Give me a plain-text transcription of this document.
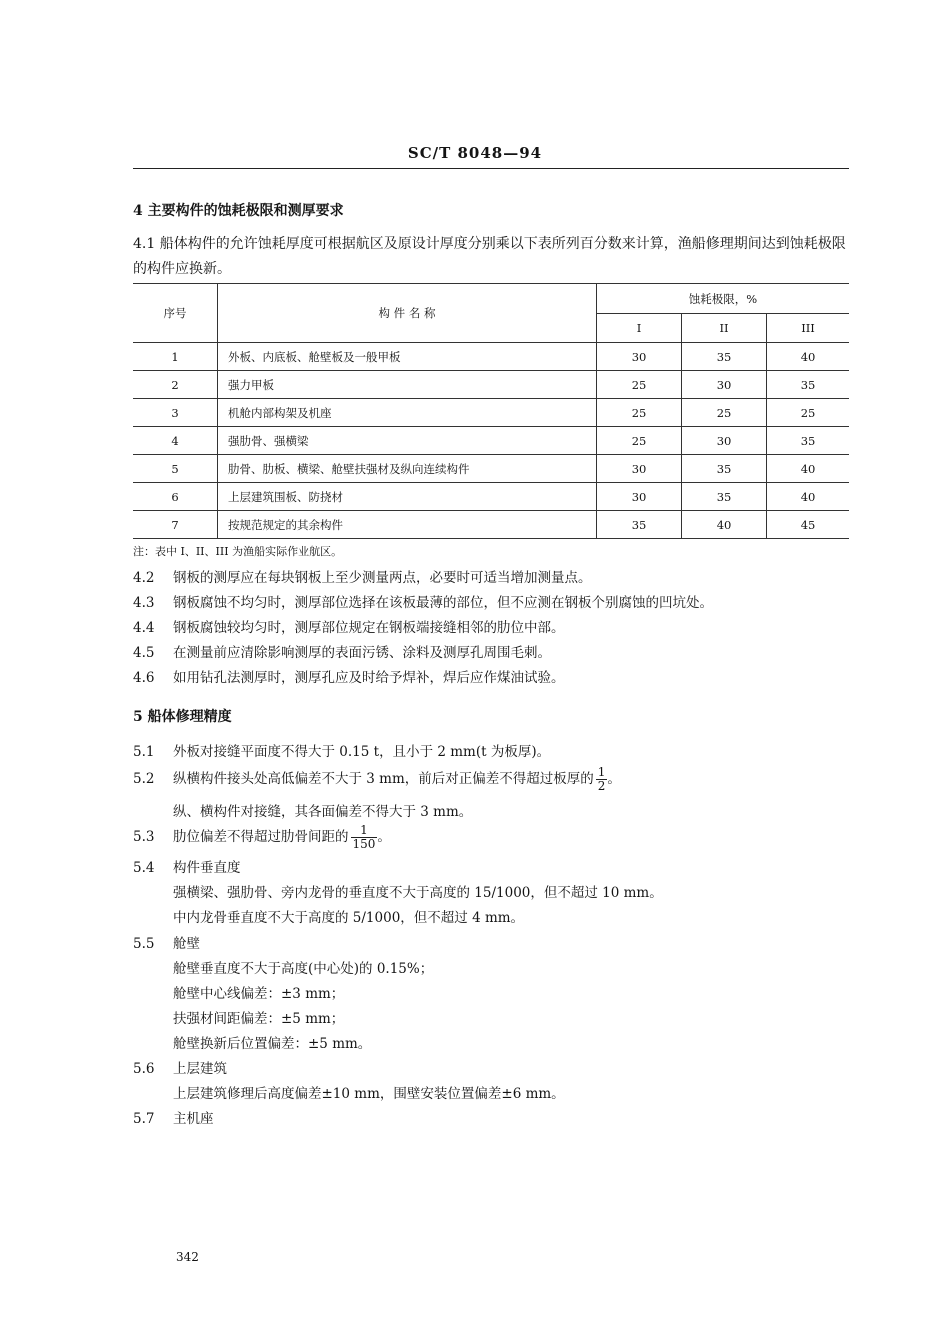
SC/T 8048—94
4 主要构件的蚀耗极限和测厚要求
4.1 船体构件的允许蚀耗厚度可根据航区及原设计厚度分别乘以下表所列百分数来计算，渔船修理期间达到蚀耗极限的构件应换新。
序号	构 件 名 称	蚀耗极限，%		
		I	II	III
1	外板、内底板、舱壁板及一般甲板	30	35	40
2	强力甲板	25	30	35
3	机舱内部构架及机座	25	25	25
4	强肋骨、强横梁	25	30	35
5	肋骨、肋板、横梁、舱壁扶强材及纵向连续构件	30	35	40
6	上层建筑围板、防挠材	30	35	40
7	按规范规定的其余构件	35	40	45
注：表中 I、II、III 为渔船实际作业航区。
4.2 钢板的测厚应在每块钢板上至少测量两点，必要时可适当增加测量点。
4.3 钢板腐蚀不均匀时，测厚部位选择在该板最薄的部位，但不应测在钢板个别腐蚀的凹坑处。
4.4 钢板腐蚀较均匀时，测厚部位规定在钢板端接缝相邻的肋位中部。
4.5 在测量前应清除影响测厚的表面污锈、涂料及测厚孔周围毛刺。
4.6 如用钻孔法测厚时，测厚孔应及时给予焊补，焊后应作煤油试验。
5 船体修理精度
5.1 外板对接缝平面度不得大于 0.15 t，且小于 2 mm(t 为板厚)。
5.2 纵横构件接头处高低偏差不大于 3 mm，前后对正偏差不得超过板厚的 $\frac{1}{2}$ 。
纵、横构件对接缝，其各面偏差不得大于 3 mm。
5.3 肋位偏差不得超过肋骨间距的 $\frac{1}{150}$ 。
5.4 构件垂直度
强横梁、强肋骨、旁内龙骨的垂直度不大于高度的 15/1000，但不超过 10 mm。
中内龙骨垂直度不大于高度的 5/1000，但不超过 4 mm。
5.5 舱壁
舱壁垂直度不大于高度(中心处)的 0.15%；
舱壁中心线偏差：±3 mm；
扶强材间距偏差：±5 mm；
舱壁换新后位置偏差：±5 mm。
5.6 上层建筑
上层建筑修理后高度偏差±10 mm，围壁安装位置偏差±6 mm。
5.7 主机座
342
